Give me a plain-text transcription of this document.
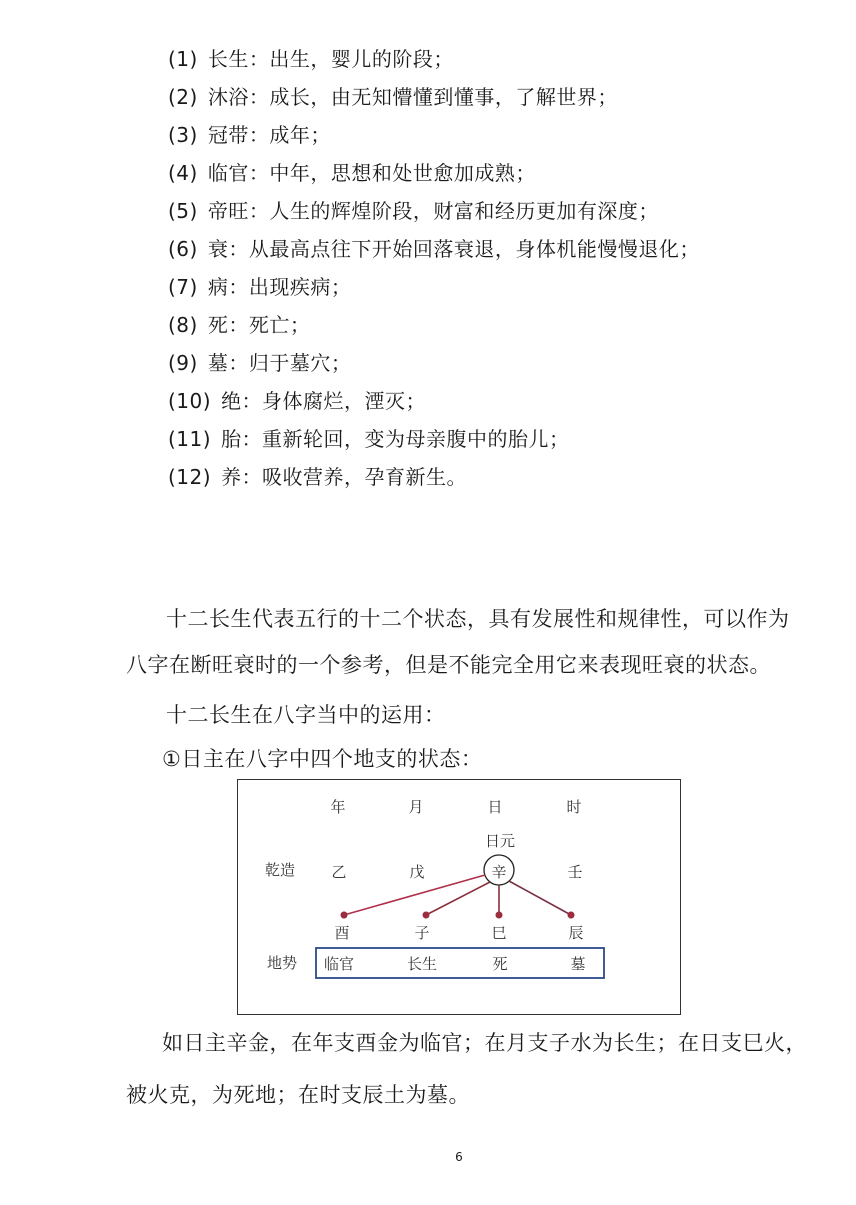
(1) 长生：出生，婴儿的阶段；
(2) 沐浴：成长，由无知懵懂到懂事，了解世界；
(3) 冠带：成年；
(4) 临官：中年，思想和处世愈加成熟；
(5) 帝旺：人生的辉煌阶段，财富和经历更加有深度；
(6) 衰：从最高点往下开始回落衰退，身体机能慢慢退化；
(7) 病：出现疾病；
(8) 死：死亡；
(9) 墓：归于墓穴；
(10) 绝：身体腐烂，湮灭；
(11) 胎：重新轮回，变为母亲腹中的胎儿；
(12) 养：吸收营养，孕育新生。
十二长生代表五行的十二个状态，具有发展性和规律性，可以作为
八字在断旺衰时的一个参考，但是不能完全用它来表现旺衰的状态。
十二长生在八字当中的运用：
①日主在八字中四个地支的状态：
年	月	日	时
日元
乾造 乙	戊	辛	壬
酉	子	巳	辰
地势 临官	长生	死	墓
如日主辛金，在年支酉金为临官；在月支子水为长生；在日支巳火，
被火克，为死地；在时支辰土为墓。
6
